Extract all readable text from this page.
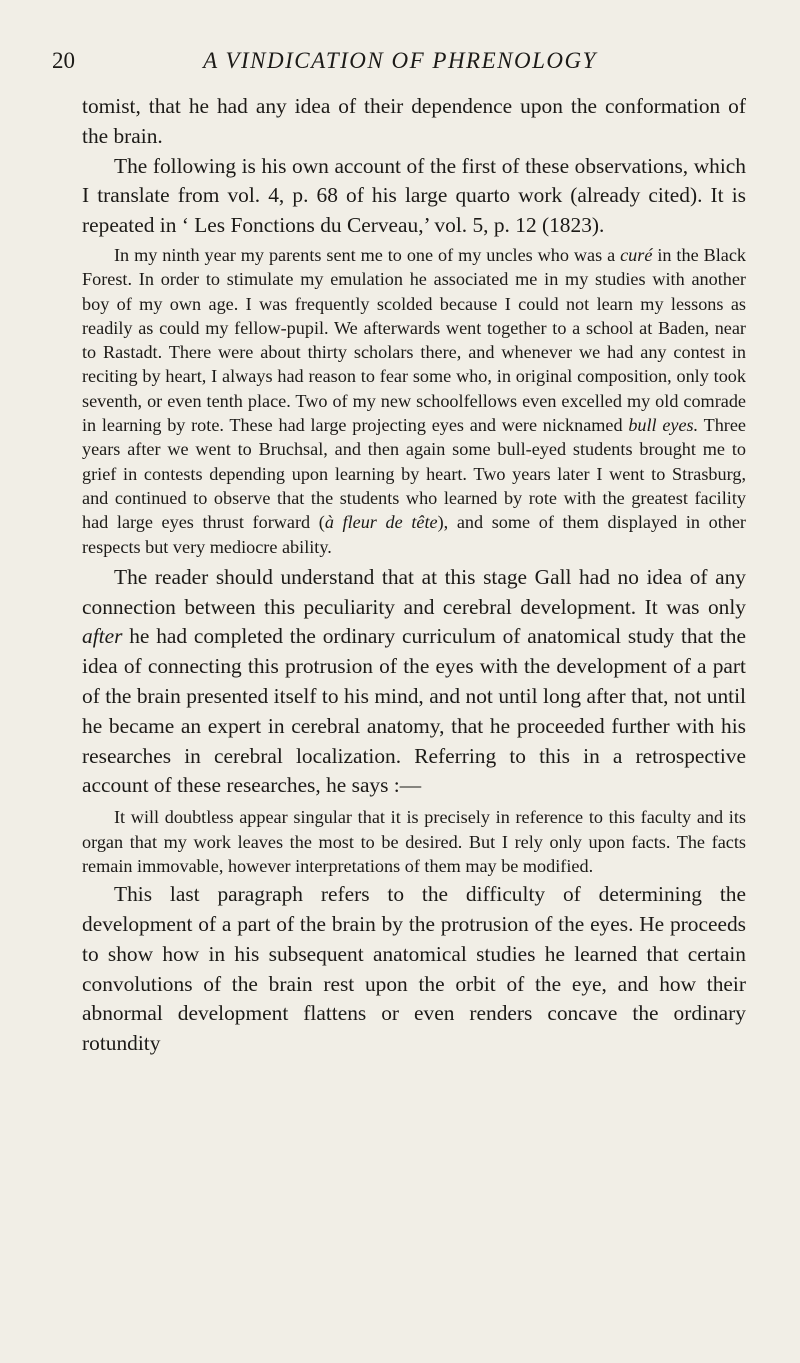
20	A VINDICATION OF PHRENOLOGY

tomist, that he had any idea of their dependence upon the conformation of the brain.

The following is his own account of the first of these observations, which I translate from vol. 4, p. 68 of his large quarto work (already cited). It is repeated in ‘ Les Fonctions du Cerveau,’ vol. 5, p. 12 (1823).

In my ninth year my parents sent me to one of my uncles who was a curé in the Black Forest. In order to stimulate my emulation he associated me in my studies with another boy of my own age. I was frequently scolded because I could not learn my lessons as readily as could my fellow-pupil. We afterwards went together to a school at Baden, near to Rastadt. There were about thirty scholars there, and whenever we had any contest in reciting by heart, I always had reason to fear some who, in original composition, only took seventh, or even tenth place. Two of my new schoolfellows even excelled my old comrade in learning by rote. These had large projecting eyes and were nicknamed bull eyes. Three years after we went to Bruchsal, and then again some bull-eyed students brought me to grief in contests depending upon learning by heart. Two years later I went to Strasburg, and continued to observe that the students who learned by rote with the greatest facility had large eyes thrust forward (à fleur de tête), and some of them displayed in other respects but very mediocre ability.

The reader should understand that at this stage Gall had no idea of any connection between this peculiarity and cerebral development. It was only after he had completed the ordinary curriculum of anatomical study that the idea of connecting this protrusion of the eyes with the development of a part of the brain presented itself to his mind, and not until long after that, not until he became an expert in cerebral anatomy, that he proceeded further with his researches in cerebral localization. Referring to this in a retrospective account of these researches, he says :—

It will doubtless appear singular that it is precisely in reference to this faculty and its organ that my work leaves the most to be desired. But I rely only upon facts. The facts remain immovable, however interpretations of them may be modified.

This last paragraph refers to the difficulty of determining the development of a part of the brain by the protrusion of the eyes. He proceeds to show how in his subsequent anatomical studies he learned that certain convolutions of the brain rest upon the orbit of the eye, and how their abnormal development flattens or even renders concave the ordinary rotundity
